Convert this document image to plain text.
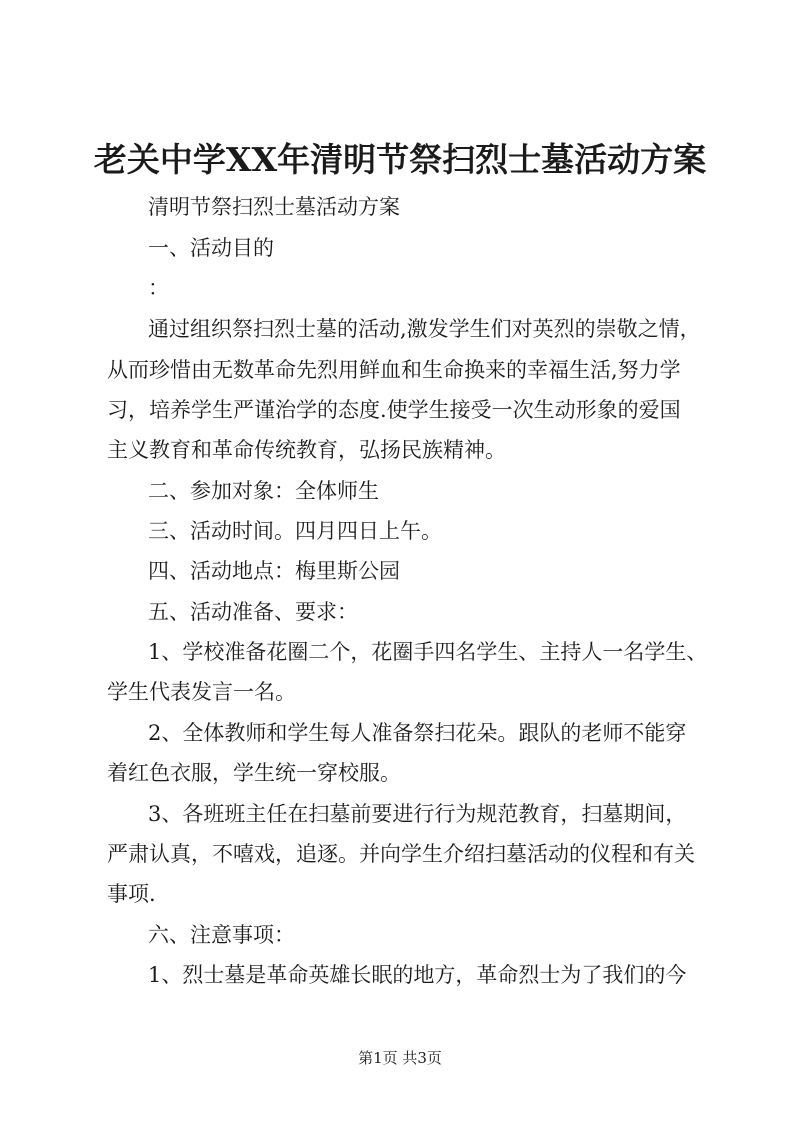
老关中学XX年清明节祭扫烈士墓活动方案
清明节祭扫烈士墓活动方案
一、活动目的
：
通过组织祭扫烈士墓的活动,激发学生们对英烈的崇敬之情，
从而珍惜由无数革命先烈用鲜血和生命换来的幸福生活,努力学
习，培养学生严谨治学的态度.使学生接受一次生动形象的爱国
主义教育和革命传统教育，弘扬民族精神。
二、参加对象：全体师生
三、活动时间。四月四日上午。
四、活动地点：梅里斯公园
五、活动准备、要求：
1、学校准备花圈二个，花圈手四名学生、主持人一名学生、
学生代表发言一名。
2、全体教师和学生每人准备祭扫花朵。跟队的老师不能穿
着红色衣服，学生统一穿校服。
3、各班班主任在扫墓前要进行行为规范教育，扫墓期间，
严肃认真，不嘻戏，追逐。并向学生介绍扫墓活动的仪程和有关
事项.
六、注意事项：
1、烈士墓是革命英雄长眠的地方，革命烈士为了我们的今
第1页 共3页
